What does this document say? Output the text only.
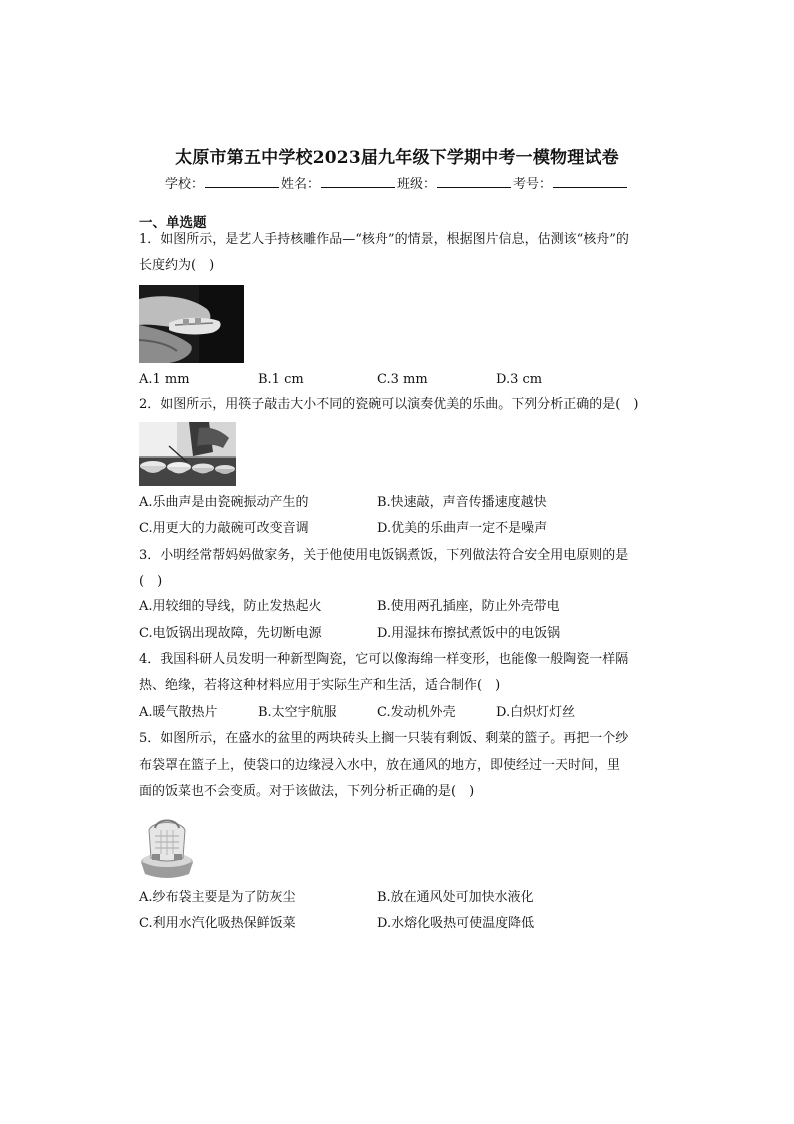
太原市第五中学校2023届九年级下学期中考一模物理试卷
学校：	姓名：	班级：	考号：
一、单选题
1．如图所示，是艺人手持核雕作品—“核舟”的情景，根据图片信息，估测该“核舟”的
长度约为(　)
A.1 mm	B.1 cm	C.3 mm	D.3 cm
2．如图所示，用筷子敲击大小不同的瓷碗可以演奏优美的乐曲。下列分析正确的是(　)
A.乐曲声是由瓷碗振动产生的	B.快速敲，声音传播速度越快
C.用更大的力敲碗可改变音调	D.优美的乐曲声一定不是噪声
3．小明经常帮妈妈做家务，关于他使用电饭锅煮饭，下列做法符合安全用电原则的是
(　)
A.用较细的导线，防止发热起火	B.使用两孔插座，防止外壳带电
C.电饭锅出现故障，先切断电源	D.用湿抹布擦拭煮饭中的电饭锅
4．我国科研人员发明一种新型陶瓷，它可以像海绵一样变形，也能像一般陶瓷一样隔
热、绝缘，若将这种材料应用于实际生产和生活，适合制作(　)
A.暖气散热片	B.太空宇航服	C.发动机外壳	D.白炽灯灯丝
5．如图所示，在盛水的盆里的两块砖头上搁一只装有剩饭、剩菜的篮子。再把一个纱
布袋罩在篮子上，使袋口的边缘浸入水中，放在通风的地方，即使经过一天时间，里
面的饭菜也不会变质。对于该做法，下列分析正确的是(　)
A.纱布袋主要是为了防灰尘	B.放在通风处可加快水液化
C.利用水汽化吸热保鲜饭菜	D.水熔化吸热可使温度降低
